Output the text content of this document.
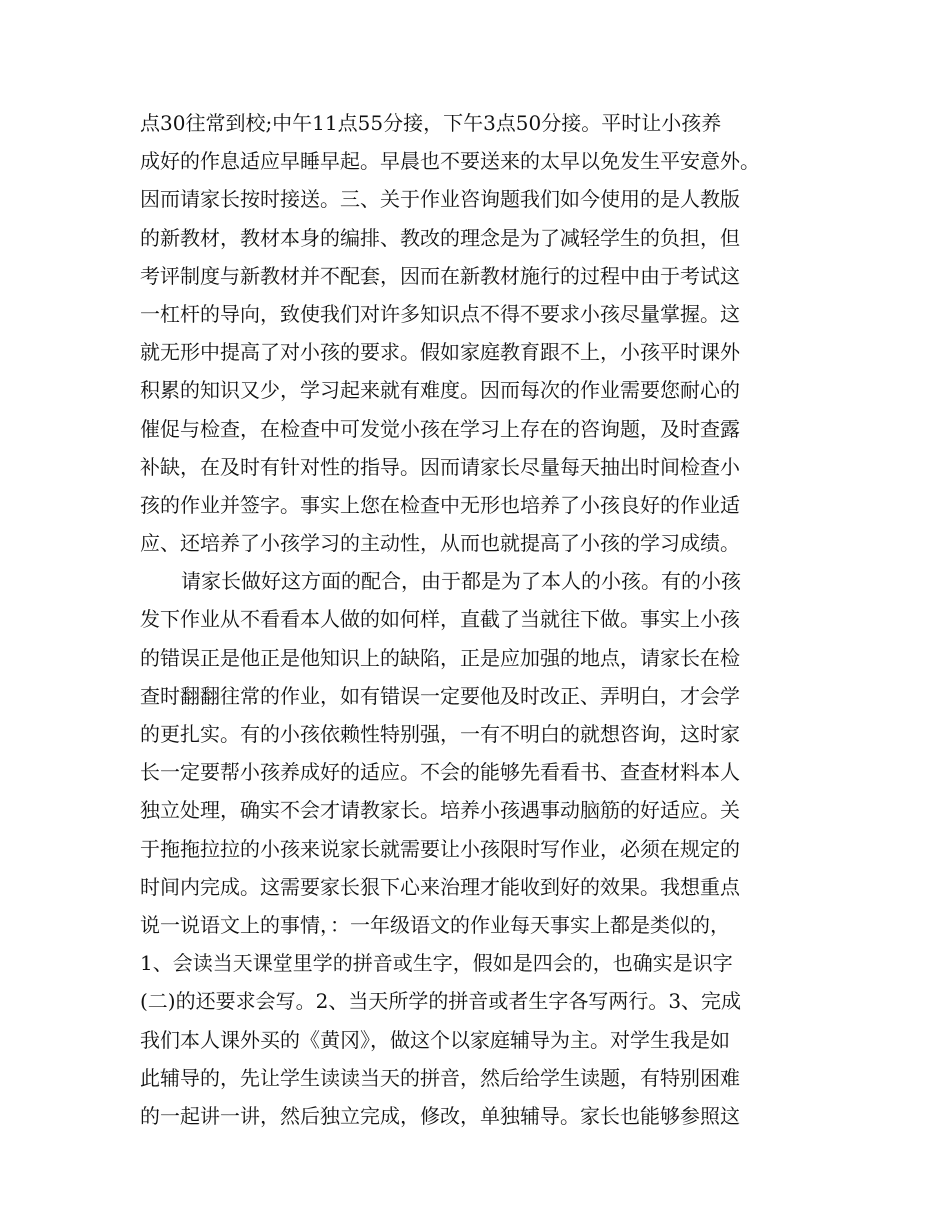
点30往常到校;中午11点55分接，下午3点50分接。平时让小孩养
成好的作息适应早睡早起。早晨也不要送来的太早以免发生平安意外。
因而请家长按时接送。三、关于作业咨询题我们如今使用的是人教版
的新教材，教材本身的编排、教改的理念是为了减轻学生的负担，但
考评制度与新教材并不配套，因而在新教材施行的过程中由于考试这
一杠杆的导向，致使我们对许多知识点不得不要求小孩尽量掌握。这
就无形中提高了对小孩的要求。假如家庭教育跟不上，小孩平时课外
积累的知识又少，学习起来就有难度。因而每次的作业需要您耐心的
催促与检查，在检查中可发觉小孩在学习上存在的咨询题，及时查露
补缺，在及时有针对性的指导。因而请家长尽量每天抽出时间检查小
孩的作业并签字。事实上您在检查中无形也培养了小孩良好的作业适
应、还培养了小孩学习的主动性，从而也就提高了小孩的学习成绩。
请家长做好这方面的配合，由于都是为了本人的小孩。有的小孩
发下作业从不看看本人做的如何样，直截了当就往下做。事实上小孩
的错误正是他正是他知识上的缺陷，正是应加强的地点，请家长在检
查时翻翻往常的作业，如有错误一定要他及时改正、弄明白，才会学
的更扎实。有的小孩依赖性特别强，一有不明白的就想咨询，这时家
长一定要帮小孩养成好的适应。不会的能够先看看书、查查材料本人
独立处理，确实不会才请教家长。培养小孩遇事动脑筋的好适应。关
于拖拖拉拉的小孩来说家长就需要让小孩限时写作业，必须在规定的
时间内完成。这需要家长狠下心来治理才能收到好的效果。我想重点
说一说语文上的事情，：一年级语文的作业每天事实上都是类似的，
1、会读当天课堂里学的拼音或生字，假如是四会的，也确实是识字
(二)的还要求会写。2、当天所学的拼音或者生字各写两行。3、完成
我们本人课外买的《黄冈》，做这个以家庭辅导为主。对学生我是如
此辅导的，先让学生读读当天的拼音，然后给学生读题，有特别困难
的一起讲一讲，然后独立完成，修改，单独辅导。家长也能够参照这
